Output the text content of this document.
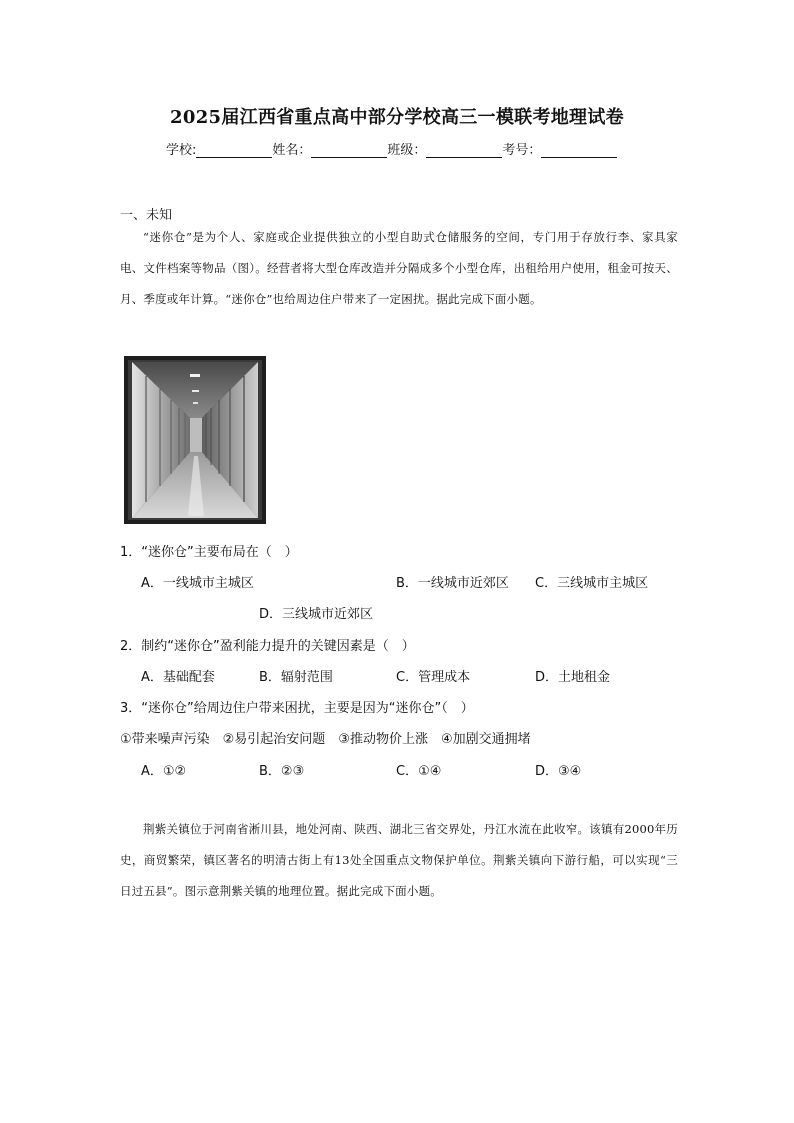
2025届江西省重点高中部分学校高三一模联考地理试卷
学校:	姓名：	班级：	考号：
一、未知
“迷你仓”是为个人、家庭或企业提供独立的小型自助式仓储服务的空间，专门用于存放行李、家具家电、文件档案等物品（图）。经营者将大型仓库改造并分隔成多个小型仓库，出租给用户使用，租金可按天、月、季度或年计算。“迷你仓”也给周边住户带来了一定困扰。据此完成下面小题。
1．“迷你仓”主要布局在（　）
A．一线城市主城区	B．一线城市近郊区 C．三线城市主城区
D．三线城市近郊区
2．制约“迷你仓”盈利能力提升的关键因素是（　）
A．基础配套	B．辐射范围	C．管理成本	D．土地租金
3．“迷你仓”给周边住户带来困扰，主要是因为“迷你仓”（　）
①带来噪声污染　②易引起治安问题　③推动物价上涨　④加剧交通拥堵
A．①②	B．②③	C．①④	D．③④
荆紫关镇位于河南省淅川县，地处河南、陕西、湖北三省交界处，丹江水流在此收窄。该镇有2000年历史，商贸繁荣，镇区著名的明清古街上有13处全国重点文物保护单位。荆紫关镇向下游行船，可以实现“三日过五县”。图示意荆紫关镇的地理位置。据此完成下面小题。
